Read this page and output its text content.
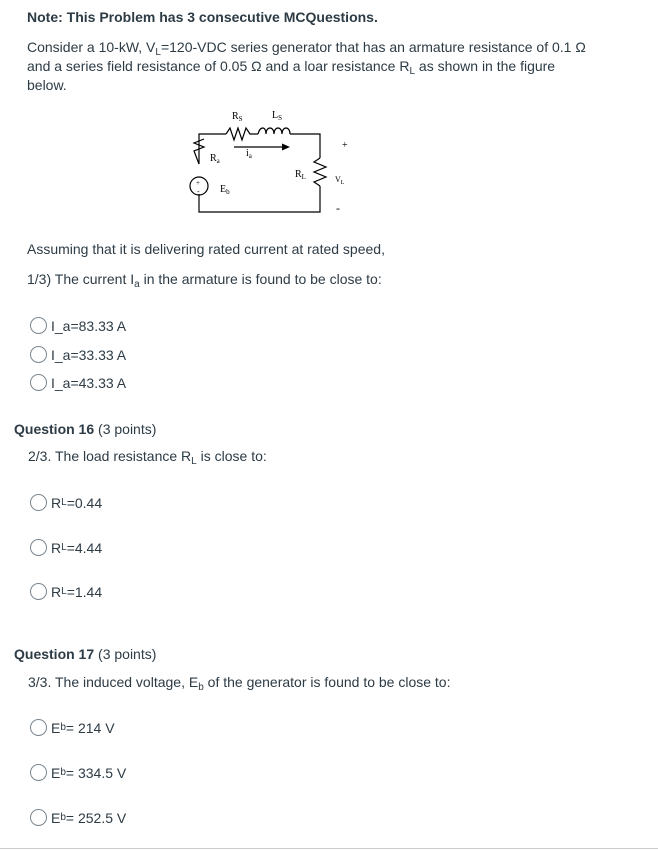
Note: This Problem has 3 consecutive MCQuestions.
Consider a 10-kW, $V_L=120$-VDC series generator that has an armature resistance of 0.1 Ω and a series field resistance of 0.05 Ω and a loar resistance $R_L$ as shown in the figure below.
$R_S$	$L_S$
$R_a$
$i_a$
$R_L$	$V_L$
$E_b$
+
-
+
-
Assuming that it is delivering rated current at rated speed,
1/3) The current $I_a$ in the armature is found to be close to:
I_a=83.33 A
I_a=33.33 A
I_a=43.33 A
Question 16 (3 points)
2/3. The load resistance $R_L$ is close to:
R L =0.44
R L =4.44
R L =1.44
Question 17 (3 points)
3/3. The induced voltage, $E_b$ of the generator is found to be close to:
E b = 214 V
E b = 334.5 V
E b = 252.5 V
